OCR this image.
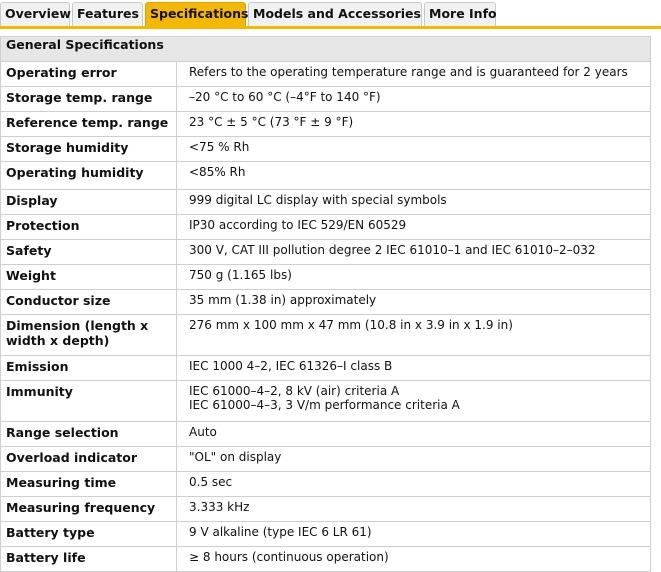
Overview Features Specifications Models and Accessories More Info
General Specifications	
Operating error	Refers to the operating temperature range and is guaranteed for 2 years

Storage temp. range	–20 °C to 60 °C (–4°F to 140 °F)

Reference temp. range	23 °C ± 5 °C (73 °F ± 9 °F)

Storage humidity	<75 % Rh

Operating humidity	<85% Rh

Display	999 digital LC display with special symbols

Protection	IP30 according to IEC 529/EN 60529

Safety	300 V, CAT III pollution degree 2 IEC 61010–1 and IEC 61010–2–032

Weight	750 g (1.165 lbs)

Conductor size	35 mm (1.38 in) approximately

Dimension (length x width x depth)	276 mm x 100 mm x 47 mm (10.8 in x 3.9 in x 1.9 in)

Emission	IEC 1000 4–2, IEC 61326–I class B

Immunity	IEC 61000–4–2, 8 kV (air) criteria A
IEC 61000–4–3, 3 V/m performance criteria A

Range selection	Auto

Overload indicator	"OL" on display

Measuring time	0.5 sec

Measuring frequency	3.333 kHz

Battery type	9 V alkaline (type IEC 6 LR 61)

Battery life	≥ 8 hours (continuous operation)
